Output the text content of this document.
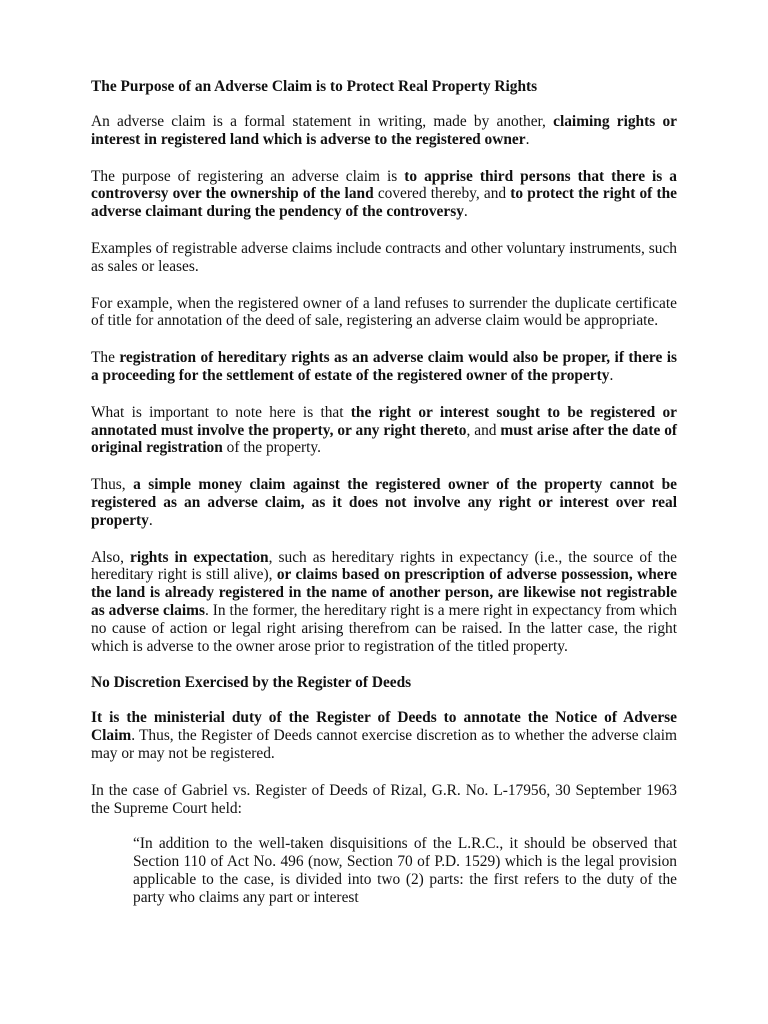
The Purpose of an Adverse Claim is to Protect Real Property Rights

An adverse claim is a formal statement in writing, made by another, claiming rights or interest in registered land which is adverse to the registered owner.

The purpose of registering an adverse claim is to apprise third persons that there is a controversy over the ownership of the land covered thereby, and to protect the right of the adverse claimant during the pendency of the controversy.

Examples of registrable adverse claims include contracts and other voluntary instruments, such as sales or leases.

For example, when the registered owner of a land refuses to surrender the duplicate certificate of title for annotation of the deed of sale, registering an adverse claim would be appropriate.

The registration of hereditary rights as an adverse claim would also be proper, if there is a proceeding for the settlement of estate of the registered owner of the property.

What is important to note here is that the right or interest sought to be registered or annotated must involve the property, or any right thereto, and must arise after the date of original registration of the property.

Thus, a simple money claim against the registered owner of the property cannot be registered as an adverse claim, as it does not involve any right or interest over real property.

Also, rights in expectation, such as hereditary rights in expectancy (i.e., the source of the hereditary right is still alive), or claims based on prescription of adverse possession, where the land is already registered in the name of another person, are likewise not registrable as adverse claims. In the former, the hereditary right is a mere right in expectancy from which no cause of action or legal right arising therefrom can be raised. In the latter case, the right which is adverse to the owner arose prior to registration of the titled property.

No Discretion Exercised by the Register of Deeds

It is the ministerial duty of the Register of Deeds to annotate the Notice of Adverse Claim. Thus, the Register of Deeds cannot exercise discretion as to whether the adverse claim may or may not be registered.

In the case of Gabriel vs. Register of Deeds of Rizal, G.R. No. L-17956, 30 September 1963 the Supreme Court held:

“In addition to the well-taken disquisitions of the L.R.C., it should be observed that Section 110 of Act No. 496 (now, Section 70 of P.D. 1529) which is the legal provision applicable to the case, is divided into two (2) parts: the first refers to the duty of the party who claims any part or interest
